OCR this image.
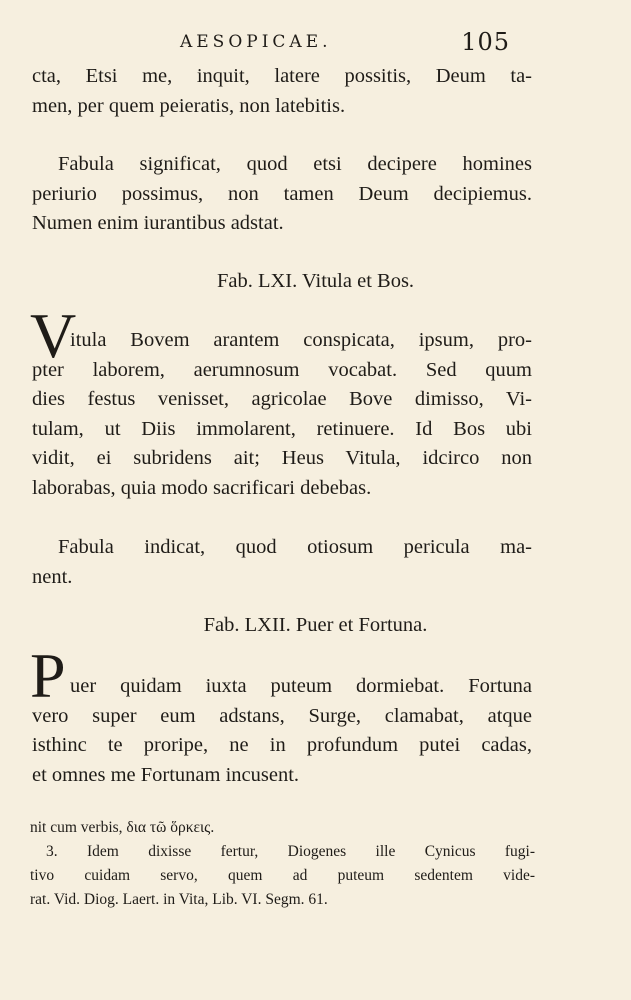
AESOPICAE.	105
cta, Etsi me, inquit, latere possitis, Deum ta-
men, per quem peieratis, non latebitis.
Fabula significat, quod etsi decipere homines
periurio possimus, non tamen Deum decipiemus.
Numen enim iurantibus adstat.
Fab. LXI. Vitula et Bos.
V
itula Bovem arantem conspicata, ipsum, pro-
pter laborem, aerumnosum vocabat. Sed quum
dies festus venisset, agricolae Bove dimisso, Vi-
tulam, ut Diis immolarent, retinuere. Id Bos ubi
vidit, ei subridens ait; Heus Vitula, idcirco non
laborabas, quia modo sacrificari debebas.
Fabula indicat, quod otiosum pericula ma-
nent.
Fab. LXII. Puer et Fortuna.
P uer quidam iuxta puteum dormiebat. Fortuna
vero super eum adstans, Surge, clamabat, atque
isthinc te proripe, ne in profundum putei cadas,
et omnes me Fortunam incusent.
nit cum verbis, δια τῶ ὅρκεις.
3. Idem dixisse fertur, Diogenes ille Cynicus fugi-
tivo cuidam servo, quem ad puteum sedentem vide-
rat. Vid. Diog. Laert. in Vita, Lib. VI. Segm. 61.
